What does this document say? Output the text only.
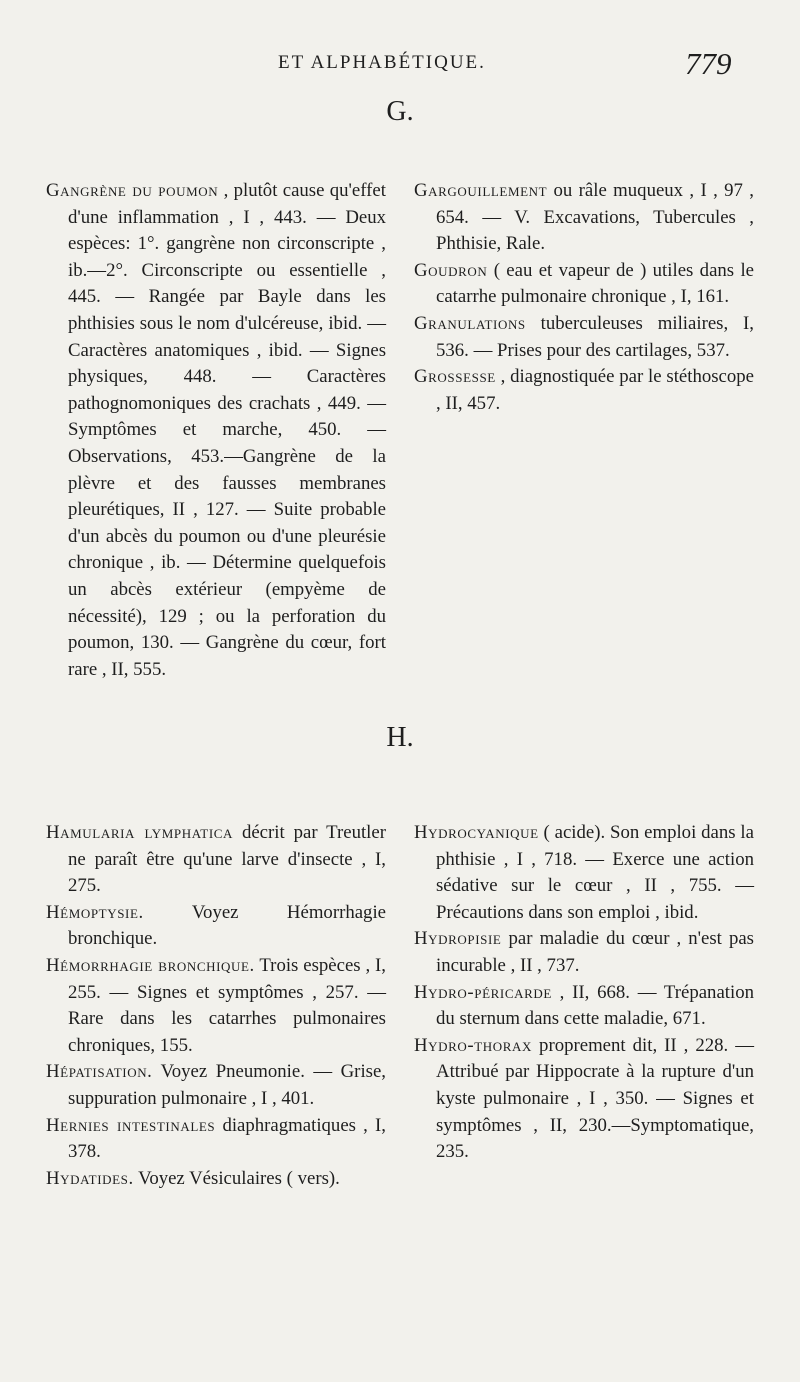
ET ALPHABÉTIQUE.	779
G.

Gangrène du poumon , plutôt cause qu'effet d'une inflammation , I , 443. — Deux espèces: 1°. gangrène non circonscripte , ib.—2°. Circonscripte ou essentielle , 445. — Rangée par Bayle dans les phthisies sous le nom d'ulcéreuse, ibid. — Caractères anatomiques , ibid. — Signes physiques, 448. — Caractères pathognomoniques des crachats , 449. — Symptômes et marche, 450. —Observations, 453.—Gangrène de la plèvre et des fausses membranes pleurétiques, II , 127. — Suite probable d'un abcès du poumon ou d'une pleurésie chronique , ib. — Détermine quelquefois un abcès extérieur (empyème de nécessité), 129 ; ou la perforation du poumon, 130. — Gangrène du cœur, fort rare , II, 555.

Gargouillement ou râle muqueux , I , 97 , 654. — V. Excavations, Tubercules , Phthisie, Rale.

Goudron ( eau et vapeur de ) utiles dans le catarrhe pulmonaire chronique , I, 161.

Granulations tuberculeuses miliaires, I, 536. — Prises pour des cartilages, 537.

Grossesse , diagnostiquée par le stéthoscope , II, 457.

H.

Hamularia lymphatica décrit par Treutler ne paraît être qu'une larve d'insecte , I, 275.

Hémoptysie.	Voyez Hémorrhagie bronchique.

Hémorrhagie bronchique. Trois espèces , I, 255. — Signes et symptômes , 257. — Rare dans les catarrhes pulmonaires chroniques, 155.

Hépatisation. Voyez Pneumonie. — Grise, suppuration pulmonaire , I , 401.

Hernies intestinales diaphragmatiques , I, 378.

Hydatides. Voyez Vésiculaires ( vers).

Hydrocyanique ( acide). Son emploi dans la phthisie , I , 718. — Exerce une action sédative sur le cœur , II , 755. — Précautions dans son emploi , ibid.

Hydropisie par maladie du cœur , n'est pas incurable , II , 737.

Hydro-péricarde , II, 668. — Trépanation du sternum dans cette maladie, 671.

Hydro-thorax proprement dit, II , 228. — Attribué par Hippocrate à la rupture d'un kyste pulmonaire , I , 350. — Signes et symptômes , II, 230.—Symptomatique, 235.
